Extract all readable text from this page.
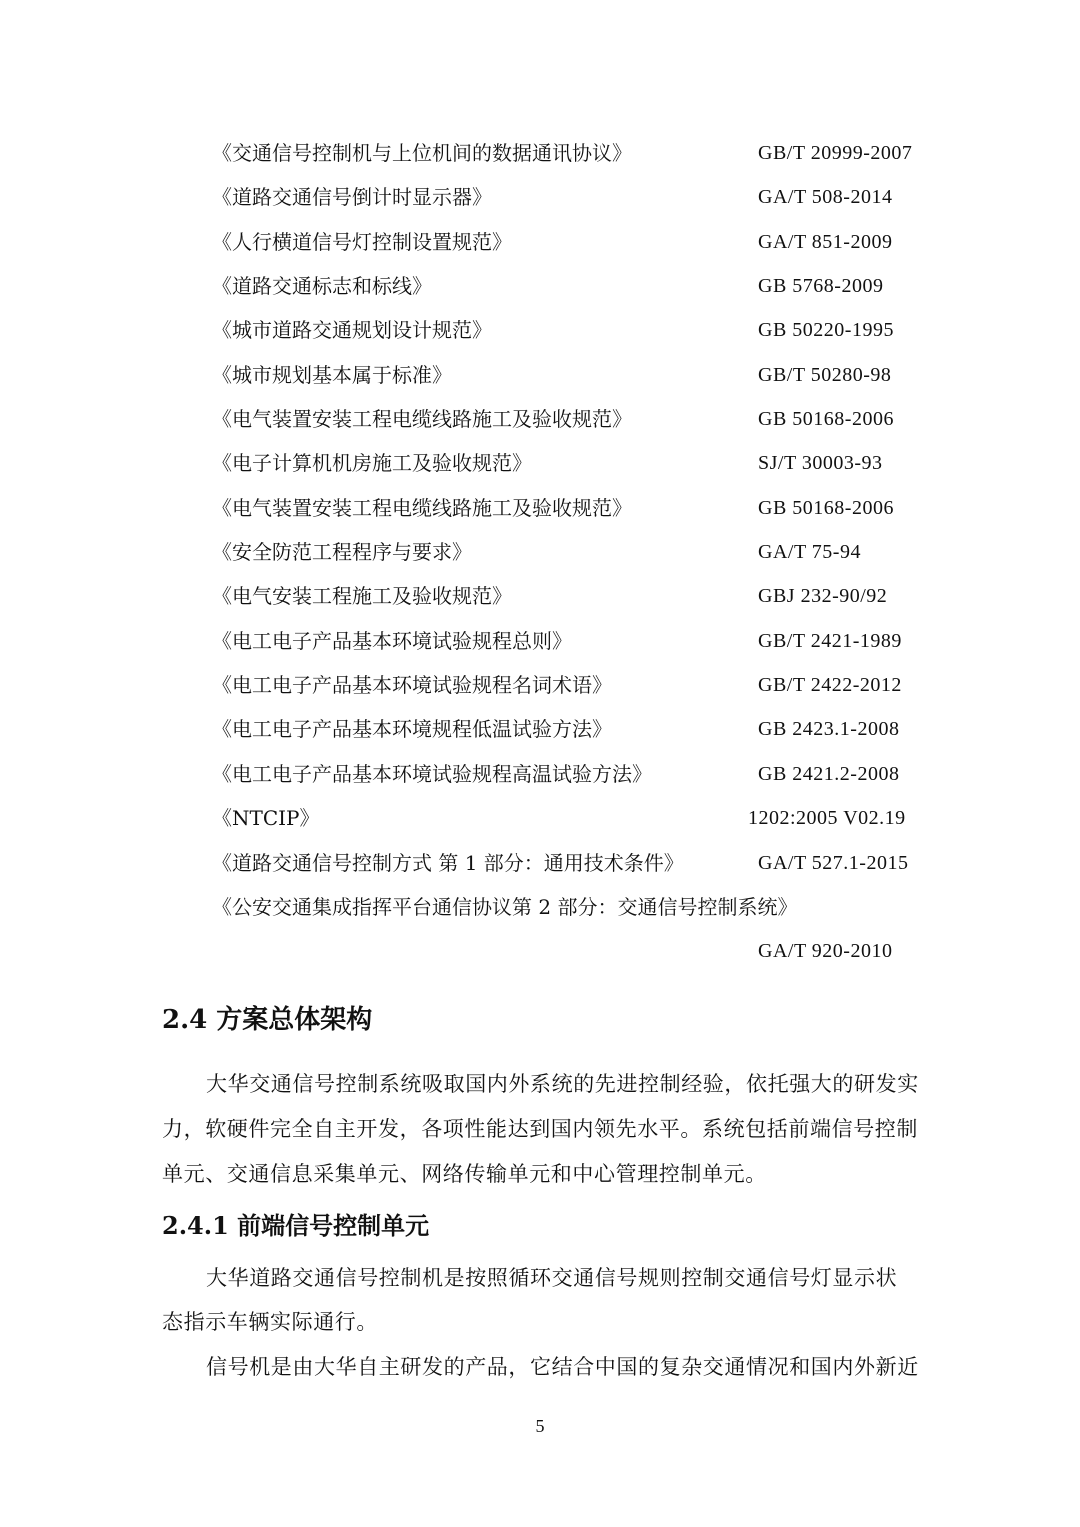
《交通信号控制机与上位机间的数据通讯协议》	GB/T 20999-2007
《道路交通信号倒计时显示器》	GA/T 508-2014
《人行横道信号灯控制设置规范》	GA/T 851-2009
《道路交通标志和标线》	GB 5768-2009
《城市道路交通规划设计规范》	GB 50220-1995
《城市规划基本属于标准》	GB/T 50280-98
《电气装置安装工程电缆线路施工及验收规范》	GB 50168-2006
《电子计算机机房施工及验收规范》	SJ/T 30003-93
《电气装置安装工程电缆线路施工及验收规范》	GB 50168-2006
《安全防范工程程序与要求》	GA/T 75-94
《电气安装工程施工及验收规范》	GBJ 232-90/92
《电工电子产品基本环境试验规程总则》	GB/T 2421-1989
《电工电子产品基本环境试验规程名词术语》	GB/T 2422-2012
《电工电子产品基本环境规程低温试验方法》	GB 2423.1-2008
《电工电子产品基本环境试验规程高温试验方法》	GB 2421.2-2008
《NTCIP》	1202:2005 V02.19
《道路交通信号控制方式 第 1 部分：通用技术条件》	GA/T 527.1-2015
《公安交通集成指挥平台通信协议第 2 部分：交通信号控制系统》
GA/T 920-2010
2.4 方案总体架构
大华交通信号控制系统吸取国内外系统的先进控制经验，依托强大的研发实
力，软硬件完全自主开发，各项性能达到国内领先水平。系统包括前端信号控制
单元、交通信息采集单元、网络传输单元和中心管理控制单元。
2.4.1 前端信号控制单元
大华道路交通信号控制机是按照循环交通信号规则控制交通信号灯显示状
态指示车辆实际通行。
信号机是由大华自主研发的产品，它结合中国的复杂交通情况和国内外新近
5
